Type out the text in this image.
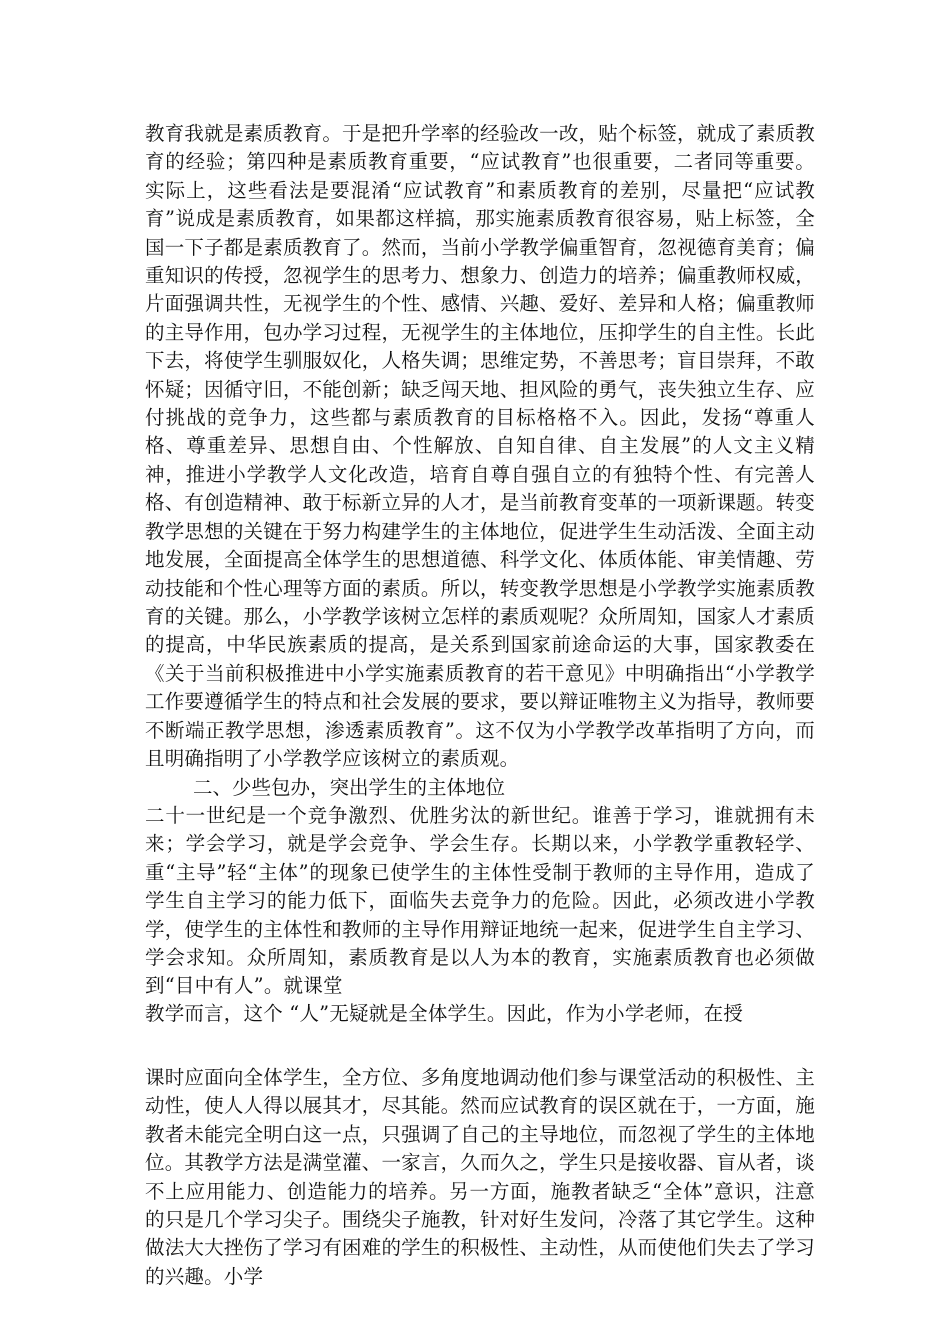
教育我就是素质教育。于是把升学率的经验改一改，贴个标签，就成了素质教育的经验；第四种是素质教育重要，“应试教育”也很重要，二者同等重要。实际上，这些看法是要混淆“应试教育”和素质教育的差别，尽量把“应试教育”说成是素质教育，如果都这样搞，那实施素质教育很容易，贴上标签，全国一下子都是素质教育了。然而，当前小学教学偏重智育，忽视德育美育；偏重知识的传授，忽视学生的思考力、想象力、创造力的培养；偏重教师权威，片面强调共性，无视学生的个性、感情、兴趣、爱好、差异和人格；偏重教师的主导作用，包办学习过程，无视学生的主体地位，压抑学生的自主性。长此下去，将使学生驯服奴化，人格失调；思维定势，不善思考；盲目崇拜，不敢怀疑；因循守旧，不能创新；缺乏闯天地、担风险的勇气，丧失独立生存、应付挑战的竞争力，这些都与素质教育的目标格格不入。因此，发扬“尊重人格、尊重差异、思想自由、个性解放、自知自律、自主发展”的人文主义精神，推进小学教学人文化改造，培育自尊自强自立的有独特个性、有完善人格、有创造精神、敢于标新立异的人才，是当前教育变革的一项新课题。转变教学思想的关键在于努力构建学生的主体地位，促进学生生动活泼、全面主动地发展，全面提高全体学生的思想道德、科学文化、体质体能、审美情趣、劳动技能和个性心理等方面的素质。所以，转变教学思想是小学教学实施素质教育的关键。那么，小学教学该树立怎样的素质观呢？众所周知，国家人才素质的提高，中华民族素质的提高，是关系到国家前途命运的大事，国家教委在《关于当前积极推进中小学实施素质教育的若干意见》中明确指出“小学教学工作要遵循学生的特点和社会发展的要求，要以辩证唯物主义为指导，教师要不断端正教学思想，渗透素质教育”。这不仅为小学教学改革指明了方向，而且明确指明了小学教学应该树立的素质观。
二、少些包办，突出学生的主体地位
二十一世纪是一个竞争激烈、优胜劣汰的新世纪。谁善于学习，谁就拥有未来；学会学习，就是学会竞争、学会生存。长期以来，小学教学重教轻学、重“主导”轻“主体”的现象已使学生的主体性受制于教师的主导作用，造成了学生自主学习的能力低下，面临失去竞争力的危险。因此，必须改进小学教学，使学生的主体性和教师的主导作用辩证地统一起来，促进学生自主学习、学会求知。众所周知，素质教育是以人为本的教育，实施素质教育也必须做到“目中有人”。就课堂
教学而言，这个 “人”无疑就是全体学生。因此，作为小学老师，在授
课时应面向全体学生，全方位、多角度地调动他们参与课堂活动的积极性、主动性，使人人得以展其才，尽其能。然而应试教育的误区就在于，一方面，施教者未能完全明白这一点，只强调了自己的主导地位，而忽视了学生的主体地位。其教学方法是满堂灌、一家言，久而久之，学生只是接收器、盲从者，谈不上应用能力、创造能力的培养。另一方面，施教者缺乏“全体”意识，注意的只是几个学习尖子。围绕尖子施教，针对好生发问，冷落了其它学生。这种做法大大挫伤了学习有困难的学生的积极性、主动性，从而使他们失去了学习的兴趣。小学
